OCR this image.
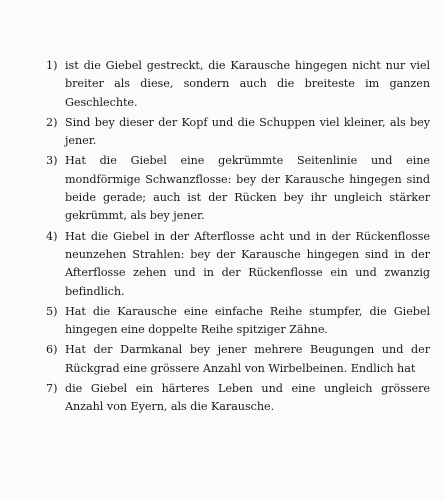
1) ist die Giebel gestreckt, die Karausche hingegen nicht nur viel breiter als diese, sondern auch die breiteste im ganzen Geschlechte.

2) Sind bey dieser der Kopf und die Schuppen viel kleiner, als bey jener.

3) Hat die Giebel eine gekrümmte Seitenlinie und eine mondförmige Schwanzflosse: bey der Karausche hingegen sind beide gerade; auch ist der Rücken bey ihr ungleich stärker gekrümmt, als bey jener.

4) Hat die Giebel in der Afterflosse acht und in der Rückenflosse neunzehen Strahlen: bey der Karausche hingegen sind in der Afterflosse zehen und in der Rückenflosse ein und zwanzig befindlich.

5) Hat die Karausche eine einfache Reihe stumpfer, die Giebel hingegen eine doppelte Reihe spitziger Zähne.

6) Hat der Darmkanal bey jener mehrere Beugungen und der Rückgrad eine grössere Anzahl von Wirbelbeinen. Endlich hat

7) die Giebel ein härteres Leben und eine ungleich grössere Anzahl von Eyern, als die Karausche.
